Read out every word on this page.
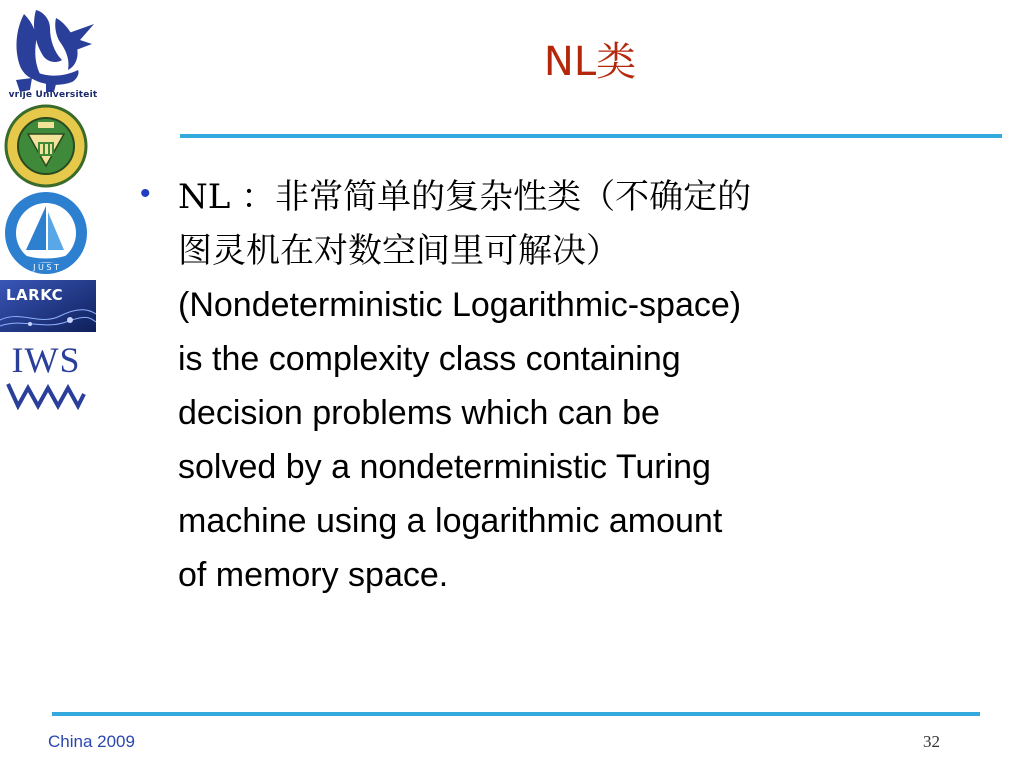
vrije Universiteit
J U S T
LARKC
IWS
NL类
• NL ：非常简单的复杂性类（不确定的
图灵机在对数空间里可解决）
(Nondeterministic Logarithmic-space)
is the complexity class containing
decision problems which can be
solved by a nondeterministic Turing
machine using a logarithmic amount
of memory space.
China 2009	32
